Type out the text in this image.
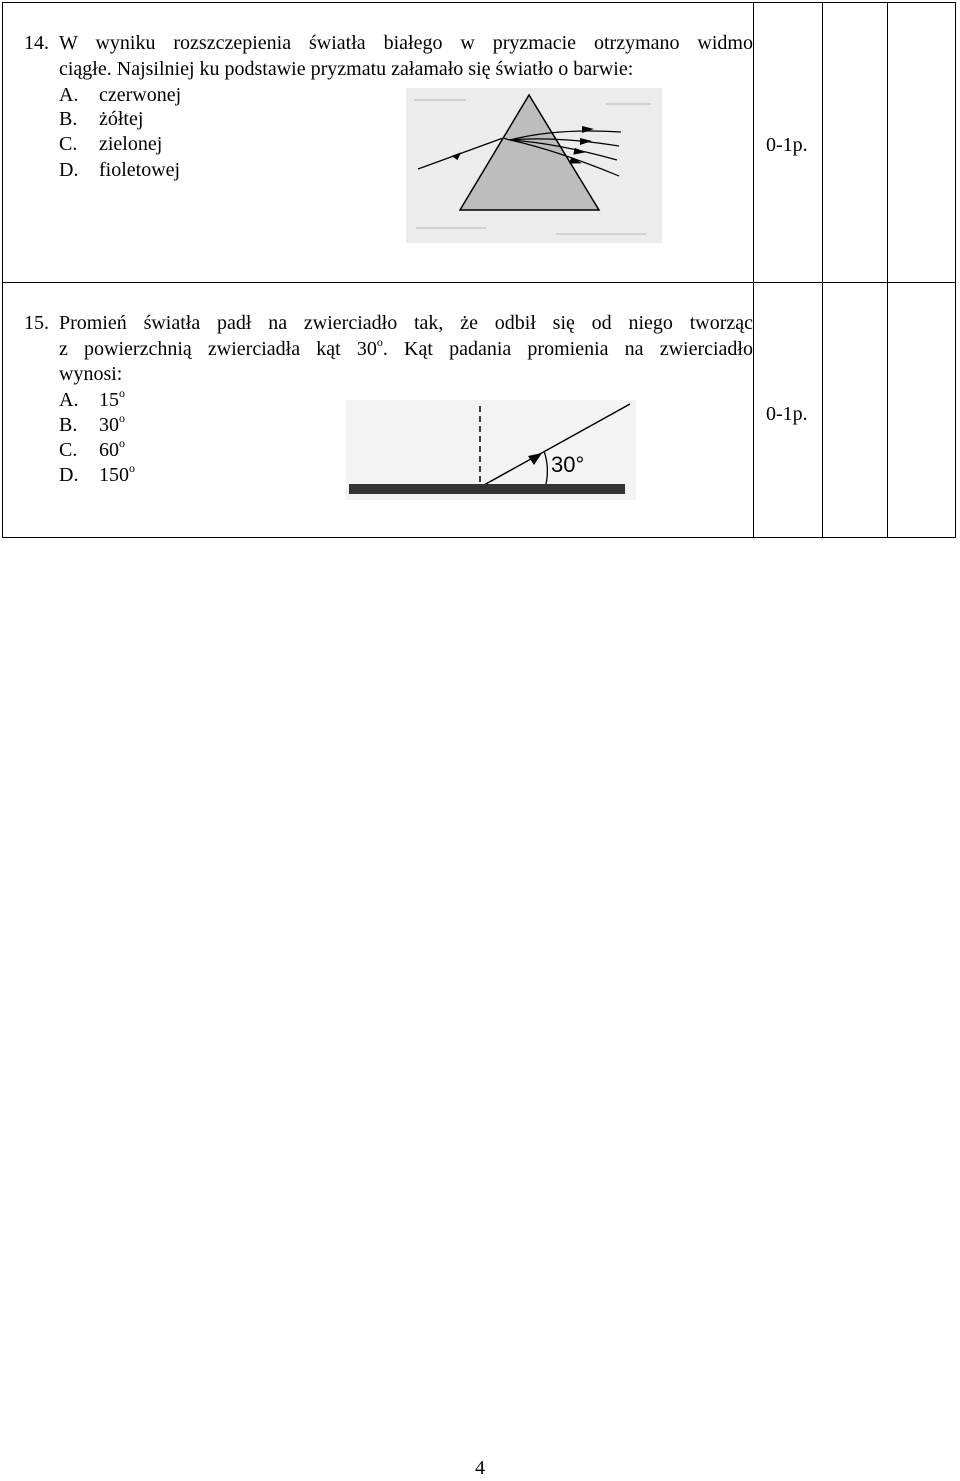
14. W wyniku rozszczepienia światła białego w pryzmacie otrzymano widmo
ciągłe. Najsilniej ku podstawie pryzmatu załamało się światło o barwie:
A. czerwonej
B. żółtej
C. zielonej
D. fioletowej
0-1p.
15. Promień światła padł na zwierciadło tak, że odbił się od niego tworząc
z powierzchnią zwierciadła kąt 30$^o$. Kąt padania promienia na zwierciadło
wynosi:
A. 15$^o$
B. 30$^o$
C. 60$^o$
D. 150$^o$	30°
0-1p.
4
